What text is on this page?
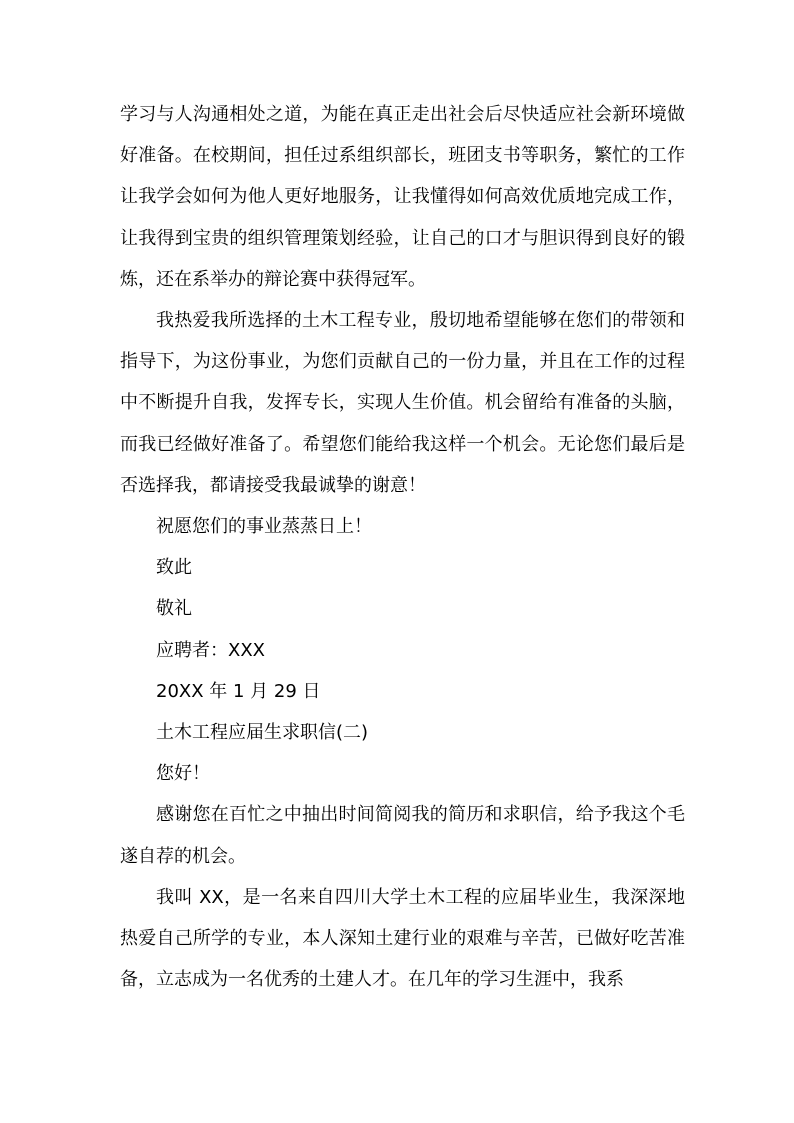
学习与人沟通相处之道，为能在真正走出社会后尽快适应社会新环境做好准备。在校期间，担任过系组织部长，班团支书等职务，繁忙的工作让我学会如何为他人更好地服务，让我懂得如何高效优质地完成工作，让我得到宝贵的组织管理策划经验，让自己的口才与胆识得到良好的锻炼，还在系举办的辩论赛中获得冠军。

我热爱我所选择的土木工程专业，殷切地希望能够在您们的带领和指导下，为这份事业，为您们贡献自己的一份力量，并且在工作的过程中不断提升自我，发挥专长，实现人生价值。机会留给有准备的头脑，而我已经做好准备了。希望您们能给我这样一个机会。无论您们最后是否选择我，都请接受我最诚挚的谢意！

祝愿您们的事业蒸蒸日上！

致此

敬礼

应聘者：XXX

20XX 年 1 月 29 日

土木工程应届生求职信(二)

您好！

感谢您在百忙之中抽出时间简阅我的简历和求职信，给予我这个毛遂自荐的机会。

我叫 XX，是一名来自四川大学土木工程的应届毕业生，我深深地热爱自己所学的专业，本人深知土建行业的艰难与辛苦，已做好吃苦准备，立志成为一名优秀的土建人才。在几年的学习生涯中，我系
